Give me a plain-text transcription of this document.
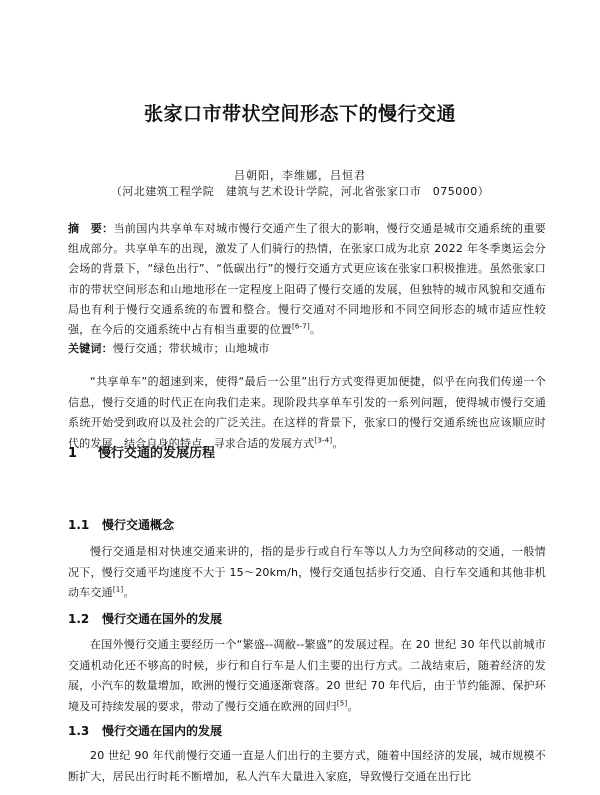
张家口市带状空间形态下的慢行交通
吕朝阳，李维娜，吕恒君
（河北建筑工程学院　建筑与艺术设计学院，河北省张家口市　075000）
摘　要：当前国内共享单车对城市慢行交通产生了很大的影响，慢行交通是城市交通系统的重要组成部分。共享单车的出现，激发了人们骑行的热情，在张家口成为北京 2022 年冬季奥运会分会场的背景下，“绿色出行”、“低碳出行”的慢行交通方式更应该在张家口积极推进。虽然张家口市的带状空间形态和山地地形在一定程度上阻碍了慢行交通的发展，但独特的城市风貌和交通布局也有利于慢行交通系统的布置和整合。慢行交通对不同地形和不同空间形态的城市适应性较强，在今后的交通系统中占有相当重要的位置[6-7]。
关键词：慢行交通；带状城市；山地城市
“共享单车”的超速到来，使得“最后一公里”出行方式变得更加便捷，似乎在向我们传递一个信息，慢行交通的时代正在向我们走来。现阶段共享单车引发的一系列问题，使得城市慢行交通系统开始受到政府以及社会的广泛关注。在这样的背景下，张家口的慢行交通系统也应该顺应时代的发展，结合自身的特点，寻求合适的发展方式[3-4]。
1 慢行交通的发展历程
1.1 慢行交通概念
慢行交通是相对快速交通来讲的，指的是步行或自行车等以人力为空间移动的交通，一般情况下，慢行交通平均速度不大于 15～20km/h，慢行交通包括步行交通、自行车交通和其他非机动车交通[1]。
1.2 慢行交通在国外的发展
在国外慢行交通主要经历一个“繁盛--凋敝--繁盛”的发展过程。在 20 世纪 30 年代以前城市交通机动化还不够高的时候，步行和自行车是人们主要的出行方式。二战结束后，随着经济的发展，小汽车的数量增加，欧洲的慢行交通逐渐衰落。20 世纪 70 年代后，由于节约能源、保护环境及可持续发展的要求，带动了慢行交通在欧洲的回归[5]。
1.3 慢行交通在国内的发展
20 世纪 90 年代前慢行交通一直是人们出行的主要方式，随着中国经济的发展，城市规模不断扩大，居民出行时耗不断增加，私人汽车大量进入家庭，导致慢行交通在出行比
